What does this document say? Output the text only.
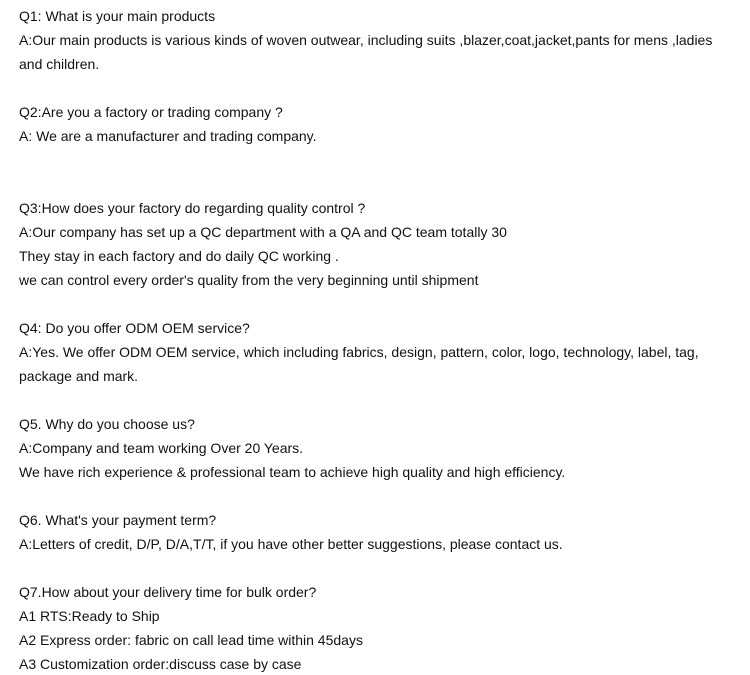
Q1: What is your main products
A:Our main products is various kinds of woven outwear, including suits ,blazer,coat,jacket,pants for mens ,ladies
and children.
Q2:Are you a factory or trading company ?
A: We are a manufacturer and trading company.
Q3:How does your factory do regarding quality control ?
A:Our company has set up a QC department with a QA and QC team totally 30
They stay in each factory and do daily QC working .
we can control every order's quality from the very beginning until shipment
Q4: Do you offer ODM OEM service?
A:Yes. We offer ODM OEM service, which including fabrics, design, pattern, color, logo, technology, label, tag,
package and mark.
Q5. Why do you choose us?
A:Company and team working Over 20 Years.
We have rich experience & professional team to achieve high quality and high efficiency.
Q6. What's your payment term?
A:Letters of credit, D/P, D/A,T/T, if you have other better suggestions, please contact us.
Q7.How about your delivery time for bulk order?
A1 RTS:Ready to Ship
A2 Express order: fabric on call lead time within 45days
A3 Customization order:discuss case by case
